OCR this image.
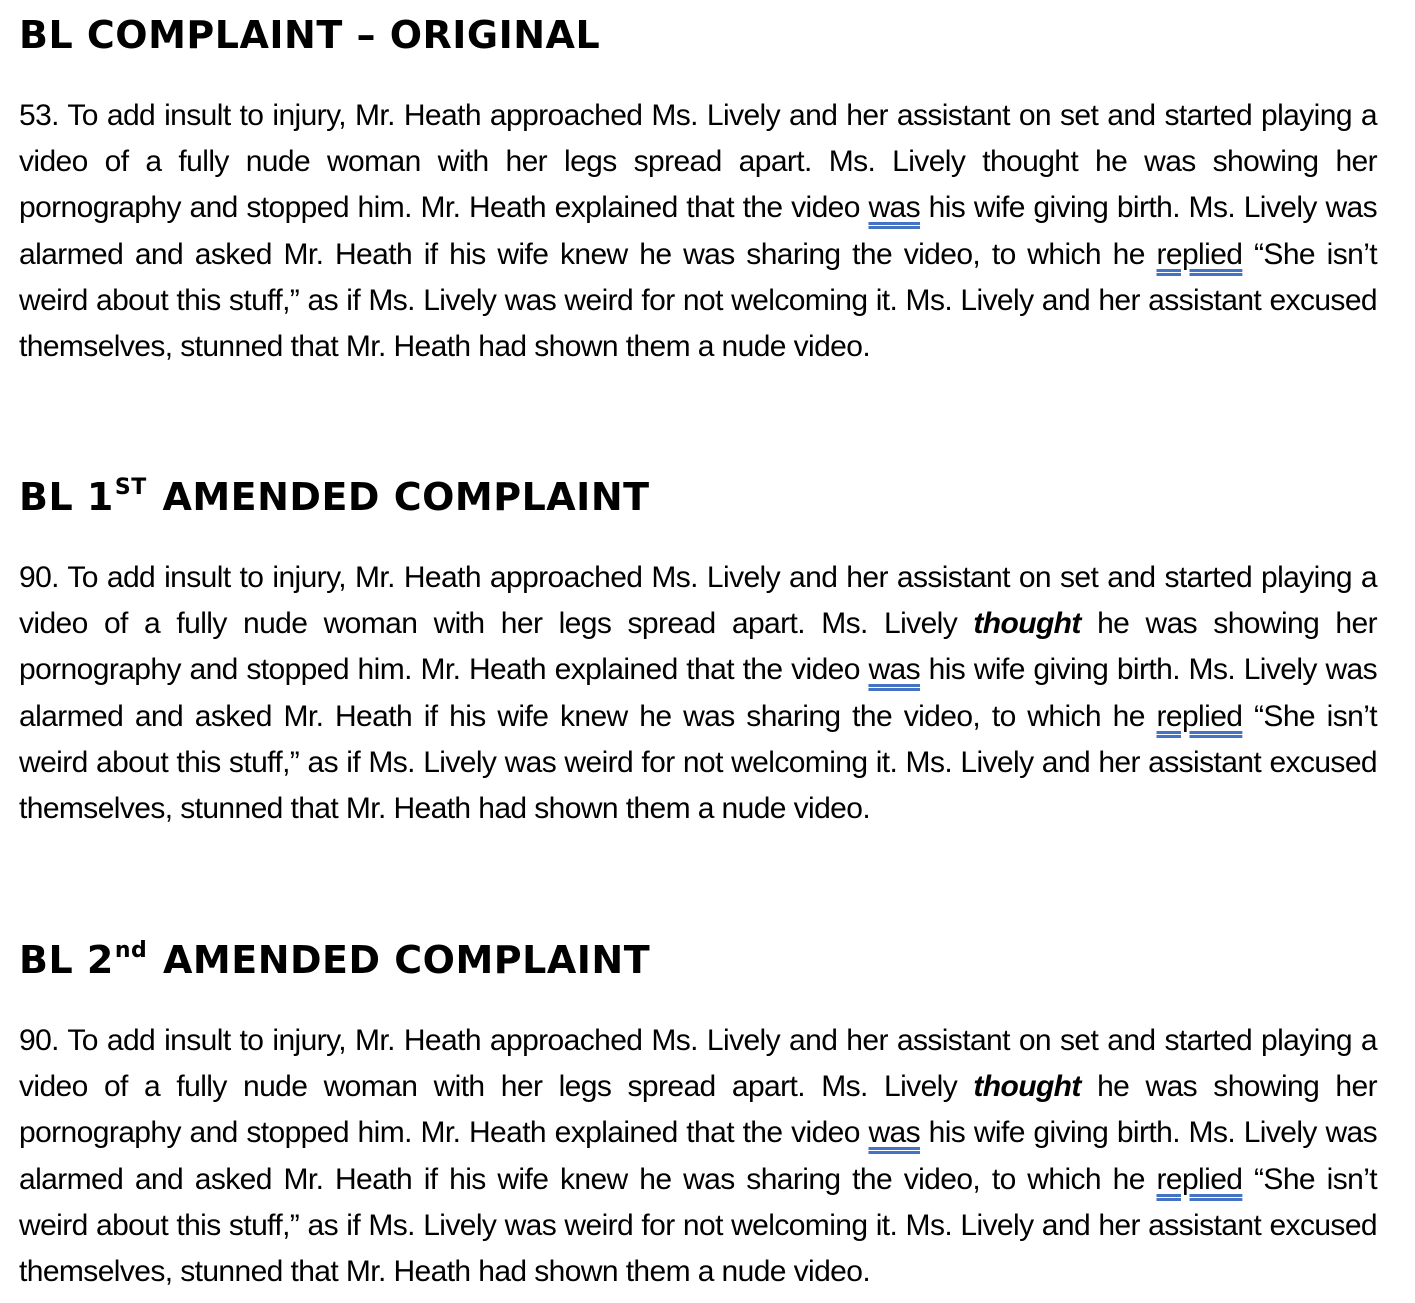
BL COMPLAINT – ORIGINAL

53. To add insult to injury, Mr. Heath approached Ms. Lively and her assistant on set and started playing a video of a fully nude woman with her legs spread apart. Ms. Lively thought he was showing her pornography and stopped him. Mr. Heath explained that the video was his wife giving birth. Ms. Lively was alarmed and asked Mr. Heath if his wife knew he was sharing the video, to which he replied “She isn’t weird about this stuff,” as if Ms. Lively was weird for not welcoming it. Ms. Lively and her assistant excused themselves, stunned that Mr. Heath had shown them a nude video.

BL 1ST AMENDED COMPLAINT

90. To add insult to injury, Mr. Heath approached Ms. Lively and her assistant on set and started playing a video of a fully nude woman with her legs spread apart. Ms. Lively thought he was showing her pornography and stopped him. Mr. Heath explained that the video was his wife giving birth. Ms. Lively was alarmed and asked Mr. Heath if his wife knew he was sharing the video, to which he replied “She isn’t weird about this stuff,” as if Ms. Lively was weird for not welcoming it. Ms. Lively and her assistant excused themselves, stunned that Mr. Heath had shown them a nude video.

BL 2nd AMENDED COMPLAINT

90. To add insult to injury, Mr. Heath approached Ms. Lively and her assistant on set and started playing a video of a fully nude woman with her legs spread apart. Ms. Lively thought he was showing her pornography and stopped him. Mr. Heath explained that the video was his wife giving birth. Ms. Lively was alarmed and asked Mr. Heath if his wife knew he was sharing the video, to which he replied “She isn’t weird about this stuff,” as if Ms. Lively was weird for not welcoming it. Ms. Lively and her assistant excused themselves, stunned that Mr. Heath had shown them a nude video.
